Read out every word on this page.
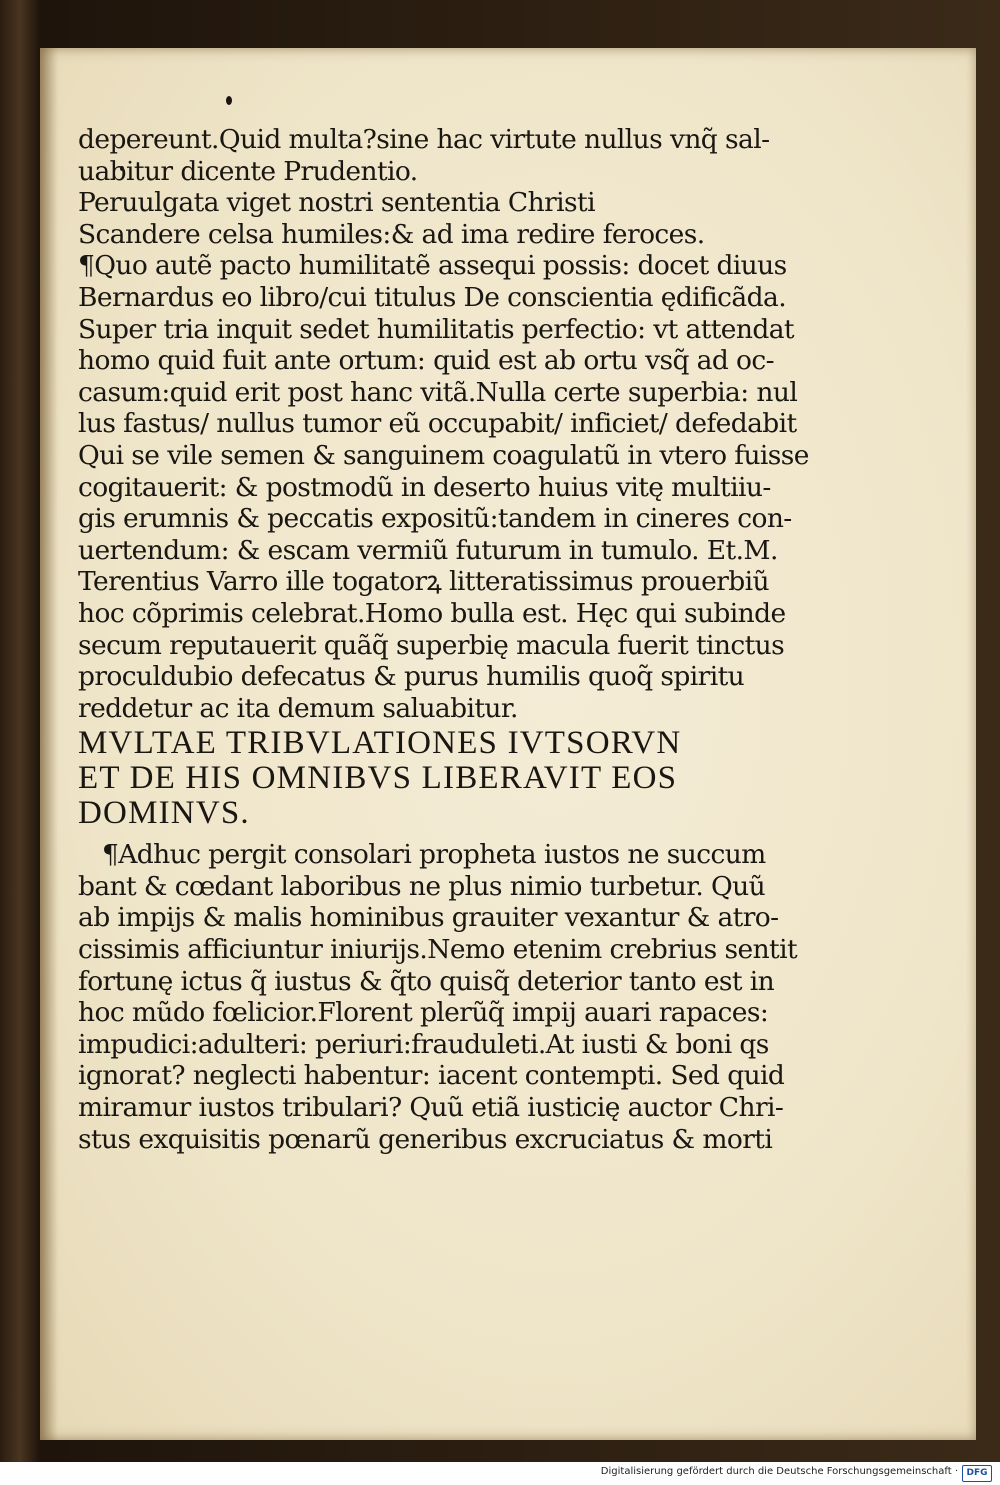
depereunt.Quid multa?sine hac virtute nullus vnq̃ sal-
uabitur dicente Prudentio.
Peruulgata viget nostri sententia Christi
Scandere celsa humiles:& ad ima redire feroces.
¶Quo autẽ pacto humilitatẽ assequi possis: docet diuus
Bernardus eo libro/cui titulus De conscientia ędificãda.
Super tria inquit sedet humilitatis perfectio: vt attendat
homo quid fuit ante ortum: quid est ab ortu vsq̃ ad oc-
casum:quid erit post hanc vitã.Nulla certe superbia: nul
lus fastus/ nullus tumor eũ occupabit/ inficiet/ defedabit
Qui se vile semen & sanguinem coagulatũ in vtero fuisse
cogitauerit: & postmodũ in deserto huius vitę multiiu-
gis erumnis & peccatis expositũ:tandem in cineres con-
uertendum: & escam vermiũ futurum in tumulo. Et.M.
Terentius Varro ille togatorꝝ litteratissimus prouerbiũ
hoc cõprimis celebrat.Homo bulla est. Hęc qui subinde
secum reputauerit quãq̃ superbię macula fuerit tinctus
proculdubio defecatus & purus humilis quoq̃ spiritu
reddetur ac ita demum saluabitur.
MVLTAE TRIBVLATIONES IVTSORVN
ET DE HIS OMNIBVS LIBERAVIT EOS
DOMINVS.
¶Adhuc pergit consolari propheta iustos ne succum
bant & cœdant laboribus ne plus nimio turbetur. Quũ
ab impijs & malis hominibus grauiter vexantur & atro-
cissimis afficiuntur iniurijs.Nemo etenim crebrius sentit
fortunę ictus q̃ iustus & q̃to quisq̃ deterior tanto est in
hoc mũdo fœlicior.Florent plerũq̃ impij auari rapaces:
impudici:adulteri: periuri:frauduleti.At iusti & boni qs
ignorat? neglecti habentur: iacent contempti. Sed quid
miramur iustos tribulari? Quũ etiã iusticię auctor Chri-
stus exquisitis pœnarũ generibus excruciatus & morti
Digitalisierung gefördert durch die Deutsche Forschungsgemeinschaft · DFG
